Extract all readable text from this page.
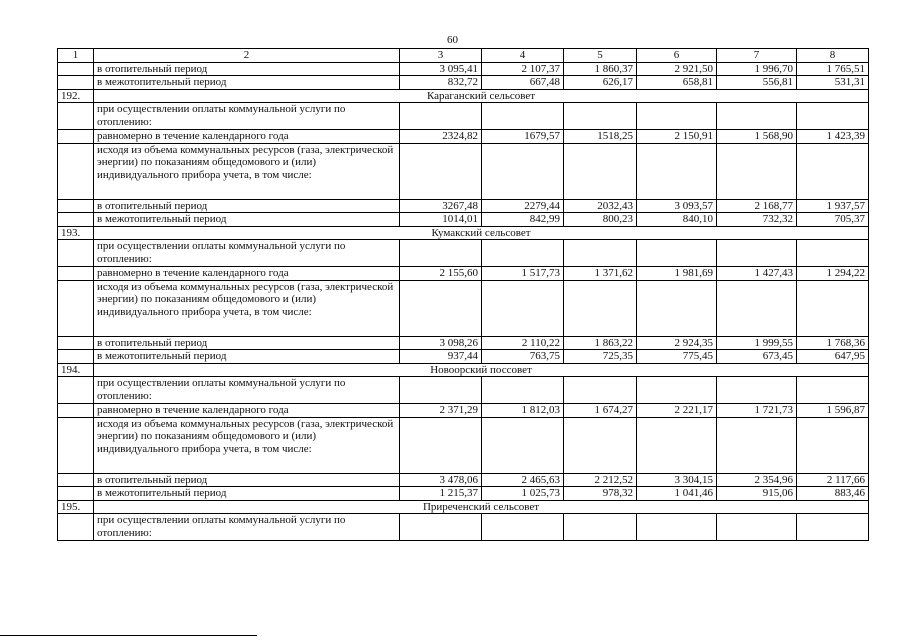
60
1	2	3	4	5	6	7	8
	в отопительный период	3 095,41	2 107,37	1 860,37	2 921,50	1 996,70	1 765,51
	в межотопительный период	832,72	667,48	626,17	658,81	556,81	531,31
192.	Караганский сельсовет						
	при осуществлении оплаты коммунальной услуги по отоплению:						
	равномерно в течение календарного года	2324,82	1679,57	1518,25	2 150,91	1 568,90	1 423,39
	исходя из объема коммунальных ресурсов (газа, электрической энергии) по показаниям общедомового и (или) индивидуального прибора учета, в том числе:						
	в отопительный период	3267,48	2279,44	2032,43	3 093,57	2 168,77	1 937,57
	в межотопительный период	1014,01	842,99	800,23	840,10	732,32	705,37
193.	Кумакский сельсовет						
	при осуществлении оплаты коммунальной услуги по отоплению:						
	равномерно в течение календарного года	2 155,60	1 517,73	1 371,62	1 981,69	1 427,43	1 294,22
	исходя из объема коммунальных ресурсов (газа, электрической энергии) по показаниям общедомового и (или) индивидуального прибора учета, в том числе:						
	в отопительный период	3 098,26	2 110,22	1 863,22	2 924,35	1 999,55	1 768,36
	в межотопительный период	937,44	763,75	725,35	775,45	673,45	647,95
194.	Новоорский поссовет						
	при осуществлении оплаты коммунальной услуги по отоплению:						
	равномерно в течение календарного года	2 371,29	1 812,03	1 674,27	2 221,17	1 721,73	1 596,87
	исходя из объема коммунальных ресурсов (газа, электрической энергии) по показаниям общедомового и (или) индивидуального прибора учета, в том числе:						
	в отопительный период	3 478,06	2 465,63	2 212,52	3 304,15	2 354,96	2 117,66
	в межотопительный период	1 215,37	1 025,73	978,32	1 041,46	915,06	883,46
195.	Приреченский сельсовет						
	при осуществлении оплаты коммунальной услуги по отоплению:						
